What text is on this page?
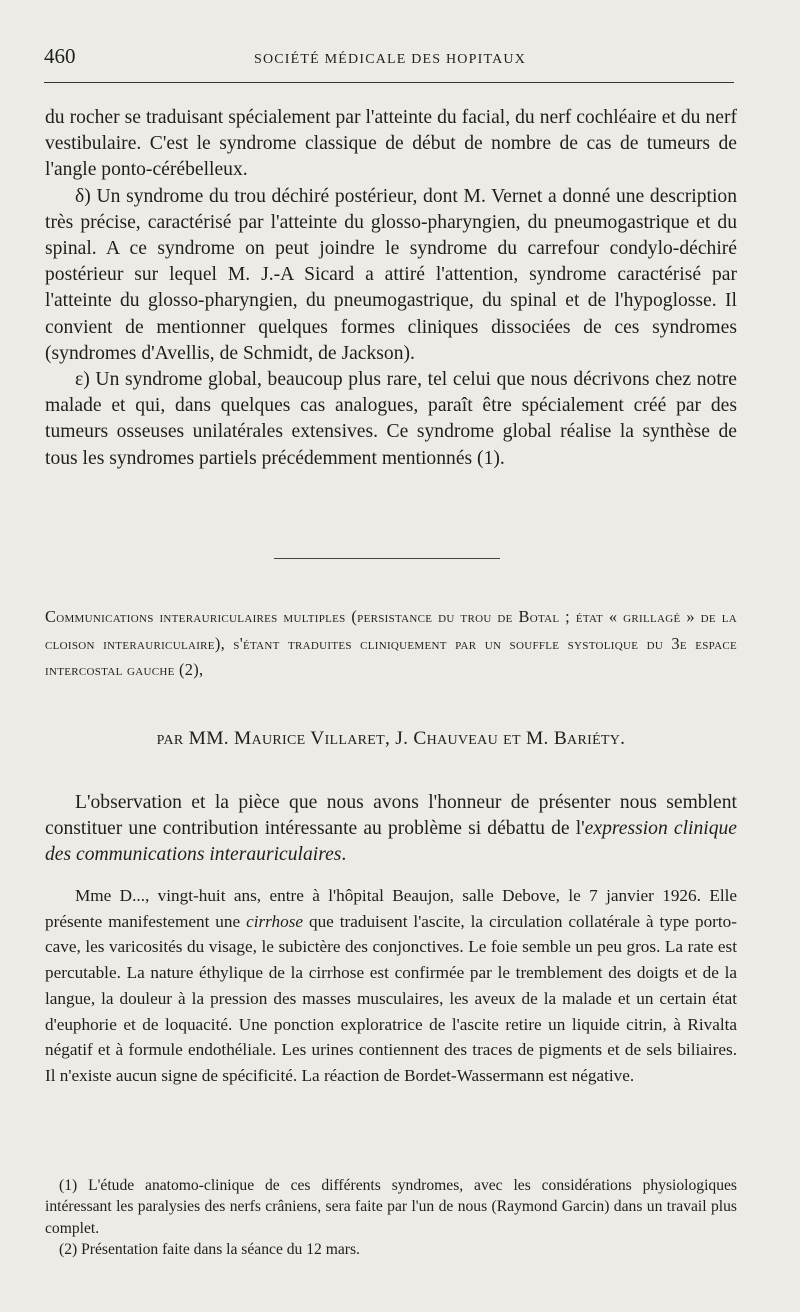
460	SOCIÉTÉ MÉDICALE DES HOPITAUX

du rocher se traduisant spécialement par l'atteinte du facial, du nerf cochléaire et du nerf vestibulaire. C'est le syndrome classique de début de nombre de cas de tumeurs de l'angle ponto-cérébelleux.

δ) Un syndrome du trou déchiré postérieur, dont M. Vernet a donné une description très précise, caractérisé par l'atteinte du glosso-pharyngien, du pneumogastrique et du spinal. A ce syndrome on peut joindre le syndrome du carrefour condylo-déchiré postérieur sur lequel M. J.-A Sicard a attiré l'attention, syndrome caractérisé par l'atteinte du glosso-pharyngien, du pneumogastrique, du spinal et de l'hypoglosse. Il convient de mentionner quelques formes cliniques dissociées de ces syndromes (syndromes d'Avellis, de Schmidt, de Jackson).

ε) Un syndrome global, beaucoup plus rare, tel celui que nous décrivons chez notre malade et qui, dans quelques cas analogues, paraît être spécialement créé par des tumeurs osseuses unilatérales extensives. Ce syndrome global réalise la synthèse de tous les syndromes partiels précédemment mentionnés (1).

Communications interauriculaires multiples (persistance du trou de Botal ; état « grillagé » de la cloison interauriculaire), s'étant traduites cliniquement par un souffle systolique du 3e espace intercostal gauche (2),

par MM. Maurice Villaret, J. Chauveau et M. Bariéty.

L'observation et la pièce que nous avons l'honneur de présenter nous semblent constituer une contribution intéressante au problème si débattu de l'expression clinique des communications interauriculaires.

Mme D..., vingt-huit ans, entre à l'hôpital Beaujon, salle Debove, le 7 janvier 1926. Elle présente manifestement une cirrhose que traduisent l'ascite, la circulation collatérale à type porto-cave, les varicosités du visage, le subictère des conjonctives. Le foie semble un peu gros. La rate est percutable. La nature éthylique de la cirrhose est confirmée par le tremblement des doigts et de la langue, la douleur à la pression des masses musculaires, les aveux de la malade et un certain état d'euphorie et de loquacité. Une ponction exploratrice de l'ascite retire un liquide citrin, à Rivalta négatif et à formule endothéliale. Les urines contiennent des traces de pigments et de sels biliaires. Il n'existe aucun signe de spécificité. La réaction de Bordet-Wassermann est négative.

(1) L'étude anatomo-clinique de ces différents syndromes, avec les considérations physiologiques intéressant les paralysies des nerfs crâniens, sera faite par l'un de nous (Raymond Garcin) dans un travail plus complet.

(2) Présentation faite dans la séance du 12 mars.
